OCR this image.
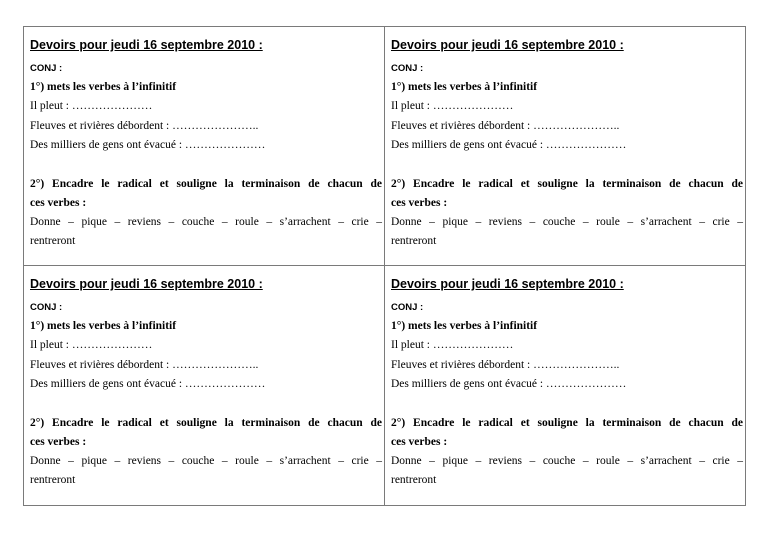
Devoirs pour jeudi 16 septembre 2010 :
CONJ :
1°) mets les verbes à l’infinitif
Il pleut : …………………
Fleuves et rivières débordent : …………………..
Des milliers de gens ont évacué : …………………
2°) Encadre le radical et souligne la terminaison de chacun de
ces verbes :
Donne – pique – reviens – couche – roule – s’arrachent – crie –
rentreront
Devoirs pour jeudi 16 septembre 2010 :
CONJ :
1°) mets les verbes à l’infinitif
Il pleut : …………………
Fleuves et rivières débordent : …………………..
Des milliers de gens ont évacué : …………………
2°) Encadre le radical et souligne la terminaison de chacun de
ces verbes :
Donne – pique – reviens – couche – roule – s’arrachent – crie –
rentreront
Devoirs pour jeudi 16 septembre 2010 :
CONJ :
1°) mets les verbes à l’infinitif
Il pleut : …………………
Fleuves et rivières débordent : …………………..
Des milliers de gens ont évacué : …………………
2°) Encadre le radical et souligne la terminaison de chacun de
ces verbes :
Donne – pique – reviens – couche – roule – s’arrachent – crie –
rentreront
Devoirs pour jeudi 16 septembre 2010 :
CONJ :
1°) mets les verbes à l’infinitif
Il pleut : …………………
Fleuves et rivières débordent : …………………..
Des milliers de gens ont évacué : …………………
2°) Encadre le radical et souligne la terminaison de chacun de
ces verbes :
Donne – pique – reviens – couche – roule – s’arrachent – crie –
rentreront
